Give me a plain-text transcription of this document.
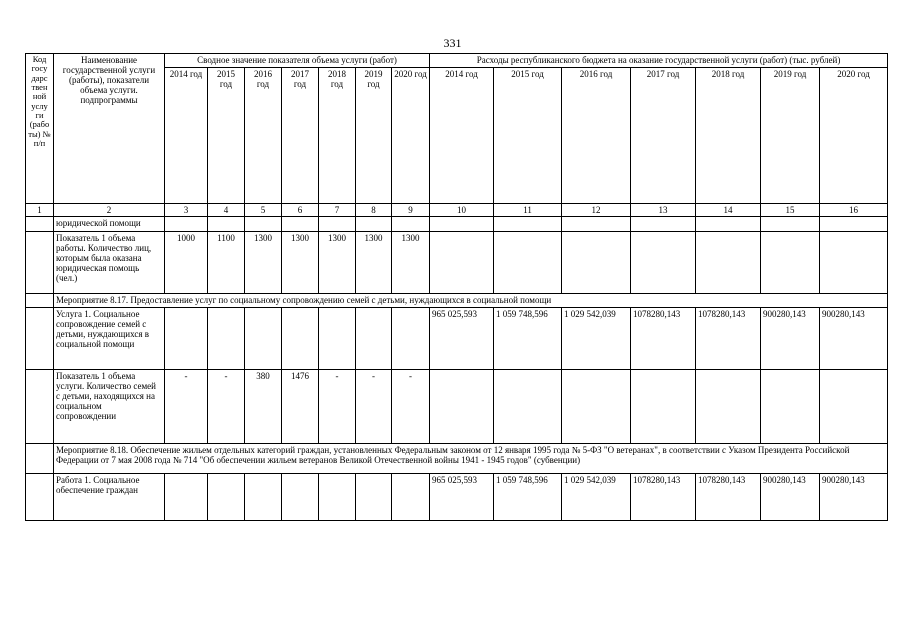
331
Код госу дарс твен ной услу ги (рабо ты) № п/п	Наименование государственной услуги (работы), показатели объема услуги. подпрограммы	Сводное значение показателя объема услуги (работ)							Расходы республиканского бюджета на оказание государственной услуги (работ) (тыс. рублей)						
		2014 год	2015 год	2016 год	2017 год	2018 год	2019 год	2020 год	2014 год	2015 год	2016 год	2017 год	2018 год	2019 год	2020 год
1	2	3	4	5	6	7	8	9	10	11	12	13	14	15	16
	юридической помощи														
	Показатель 1 объема работы. Количество лиц, которым была оказана юридическая помощь (чел.)	1000	1100	1300	1300	1300	1300	1300							
	Мероприятие 8.17. Предоставление услуг по социальному сопровождению семей с детьми, нуждающихся в социальной помощи														
	Услуга 1. Социальное сопровождение семей с детьми, нуждающихся в социальной помощи								965 025,593	1 059 748,596	1 029 542,039	1078280,143	1078280,143	900280,143	900280,143
	Показатель 1 объема услуги. Количество семей с детьми, находящихся на социальном сопровождении	-	-	380	1476	-	-	-							
	Мероприятие 8.18. Обеспечение жильем отдельных категорий граждан, установленных Федеральным законом от 12 января 1995 года № 5-ФЗ "О ветеранах", в соответствии с Указом Президента Российской Федерации от 7 мая 2008 года № 714 "Об обеспечении жильем ветеранов Великой Отечественной войны 1941 - 1945 годов" (субвенции)														
	Работа 1. Социальное обеспечение граждан								965 025,593	1 059 748,596	1 029 542,039	1078280,143	1078280,143	900280,143	900280,143
